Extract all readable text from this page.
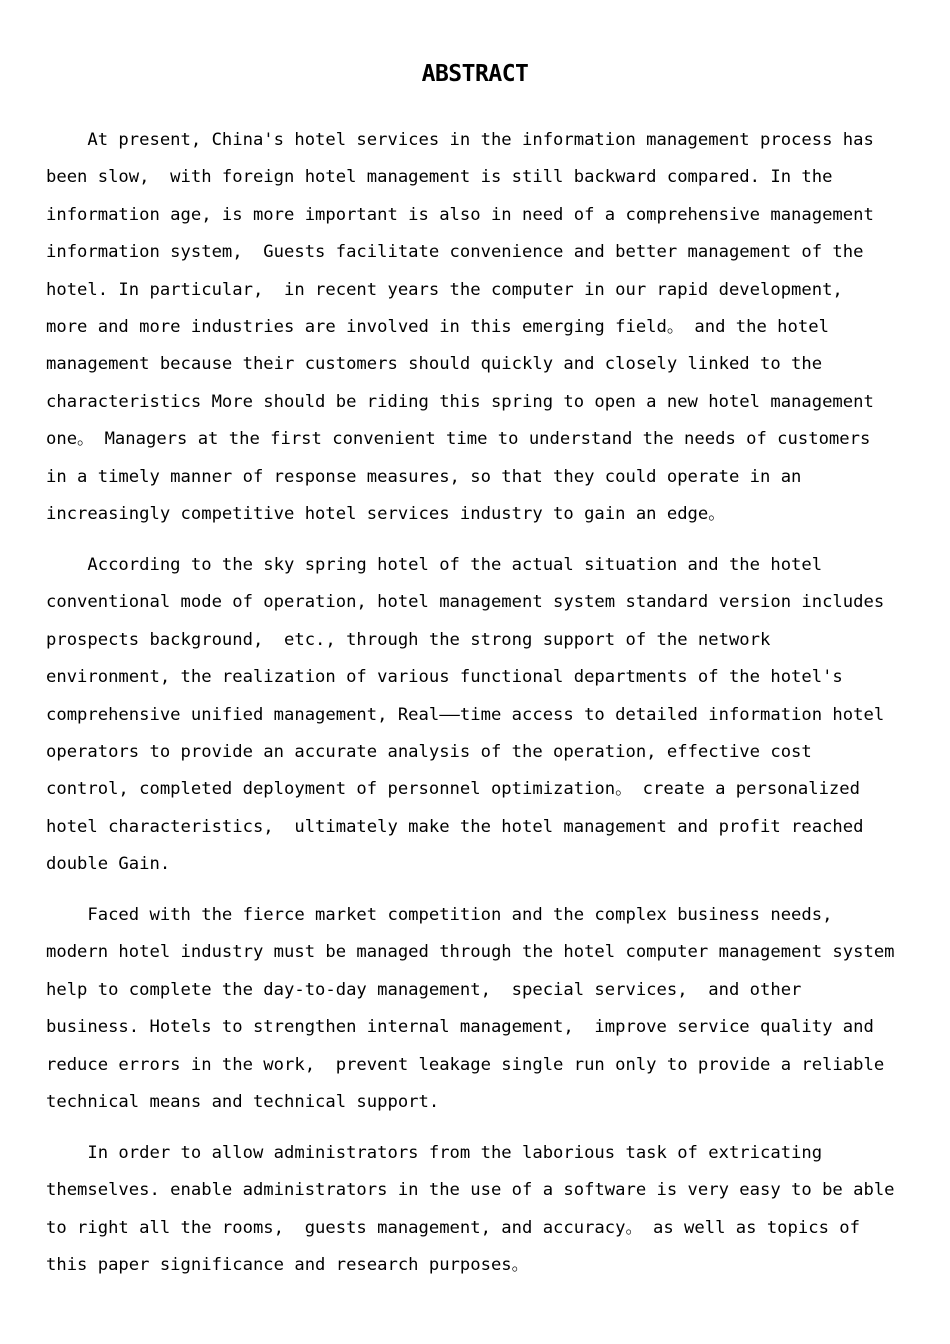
ABSTRACT
At present, China's hotel services in the information management process has
been slow,  with foreign hotel management is still backward compared. In the
information age, is more important is also in need of a comprehensive management
information system,  Guests facilitate convenience and better management of the
hotel. In particular,  in recent years the computer in our rapid development,
more and more industries are involved in this emerging field。 and the hotel
management because their customers should quickly and closely linked to the
characteristics More should be riding this spring to open a new hotel management
one。 Managers at the first convenient time to understand the needs of customers
in a timely manner of response measures, so that they could operate in an
increasingly competitive hotel services industry to gain an edge。
According to the sky spring hotel of the actual situation and the hotel
conventional mode of operation, hotel management system standard version includes
prospects background,  etc., through the strong support of the network
environment, the realization of various functional departments of the hotel's
comprehensive unified management, Real——time access to detailed information hotel
operators to provide an accurate analysis of the operation, effective cost
control, completed deployment of personnel optimization。 create a personalized
hotel characteristics,  ultimately make the hotel management and profit reached
double Gain.
Faced with the fierce market competition and the complex business needs,
modern hotel industry must be managed through the hotel computer management system
help to complete the day-to-day management,  special services,  and other
business. Hotels to strengthen internal management,  improve service quality and
reduce errors in the work,  prevent leakage single run only to provide a reliable
technical means and technical support.
In order to allow administrators from the laborious task of extricating
themselves. enable administrators in the use of a software is very easy to be able
to right all the rooms,  guests management, and accuracy。 as well as topics of
this paper significance and research purposes。
